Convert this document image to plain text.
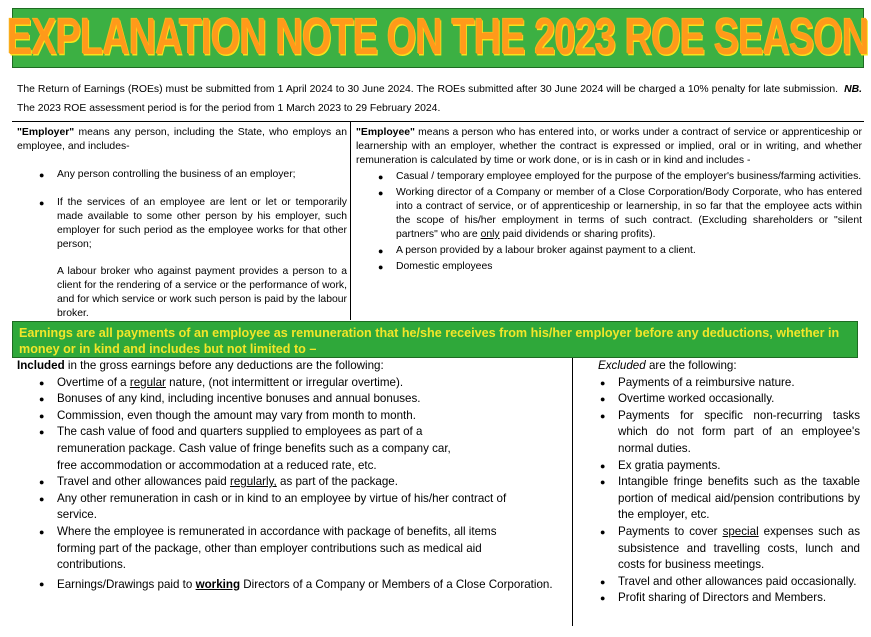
EXPLANATION NOTE ON THE 2023 ROE SEASON
The Return of Earnings (ROEs) must be submitted from 1 April 2024 to 30 June 2024. The ROEs submitted after 30 June 2024 will be charged a 10% penalty for late submission. NB. The 2023 ROE assessment period is for the period from 1 March 2023 to 29 February 2024.

"Employer" means any person, including the State, who employs an employee, and includes-

● Any person controlling the business of an employer;
● If the services of an employee are lent or let or temporarily made available to some other person by his employer, such employer for such period as the employee works for that other person;

A labour broker who against payment provides a person to a client for the rendering of a service or the performance of work, and for which service or work such person is paid by the labour broker.

"Employee" means a person who has entered into, or works under a contract of service or apprenticeship or learnership with an employer, whether the contract is expressed or implied, oral or in writing, and whether remuneration is calculated by time or work done, or is in cash or in kind and includes -

● Casual / temporary employee employed for the purpose of the employer's business/farming activities.
● Working director of a Company or member of a Close Corporation/Body Corporate, who has entered into a contract of service, or of apprenticeship or learnership, in so far that the employee acts within the scope of his/her employment in terms of such contract. (Excluding shareholders or "silent partners" who are only paid dividends or sharing profits).
● A person provided by a labour broker against payment to a client.
● Domestic employees
Earnings are all payments of an employee as remuneration that he/she receives from his/her employer before any deductions, whether in money or in kind and includes but not limited to –

Included in the gross earnings before any deductions are the following:

● Overtime of a regular nature, (not intermittent or irregular overtime).
● Bonuses of any kind, including incentive bonuses and annual bonuses.
● Commission, even though the amount may vary from month to month.
● The cash value of food and quarters supplied to employees as part of a remuneration package. Cash value of fringe benefits such as a company car, free accommodation or accommodation at a reduced rate, etc.
● Travel and other allowances paid regularly, as part of the package.
● Any other remuneration in cash or in kind to an employee by virtue of his/her contract of service.
● Where the employee is remunerated in accordance with package of benefits, all items forming part of the package, other than employer contributions such as medical aid contributions.
● Earnings/Drawings paid to working Directors of a Company or Members of a Close Corporation.

Excluded are the following:

● Payments of a reimbursive nature.
● Overtime worked occasionally.
● Payments for specific non-recurring tasks which do not form part of an employee's normal duties.
● Ex gratia payments.
● Intangible fringe benefits such as the taxable portion of medical aid/pension contributions by the employer, etc.
● Payments to cover special expenses such as subsistence and travelling costs, lunch and costs for business meetings.
● Travel and other allowances paid occasionally.
● Profit sharing of Directors and Members.
